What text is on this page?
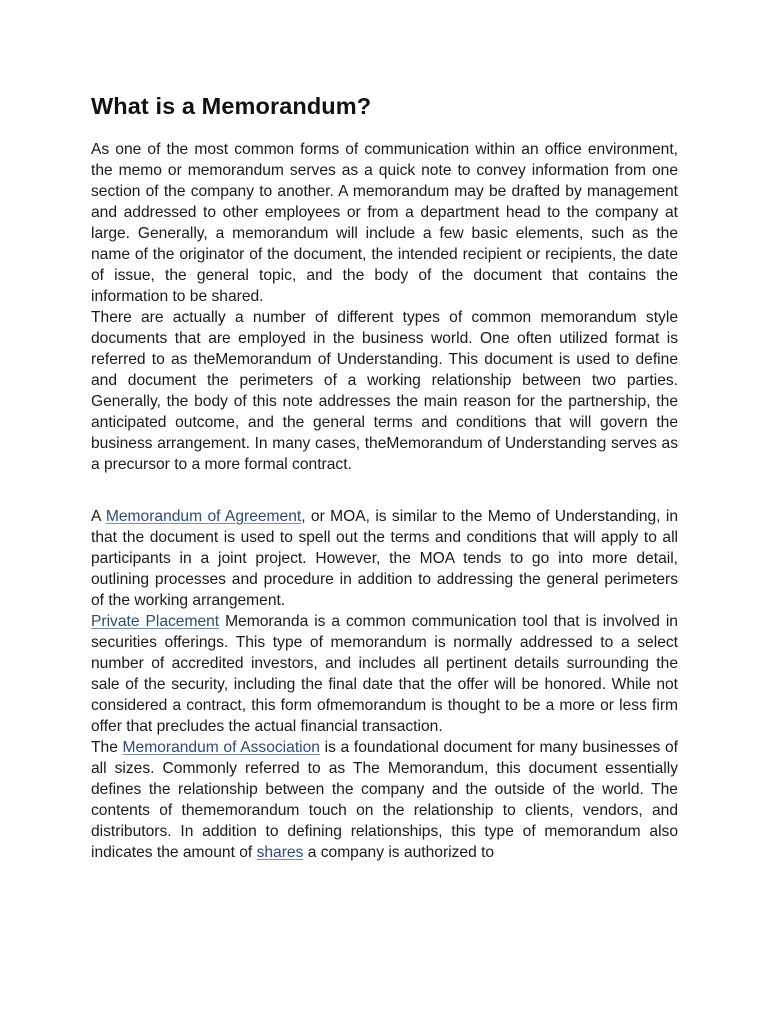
What is a Memorandum?

As one of the most common forms of communication within an office environment, the memo or memorandum serves as a quick note to convey information from one section of the company to another. A memorandum may be drafted by management and addressed to other employees or from a department head to the company at large. Generally, a memorandum will include a few basic elements, such as the name of the originator of the document, the intended recipient or recipients, the date of issue, the general topic, and the body of the document that contains the information to be shared.

There are actually a number of different types of common memorandum style documents that are employed in the business world. One often utilized format is referred to as theMemorandum of Understanding. This document is used to define and document the perimeters of a working relationship between two parties. Generally, the body of this note addresses the main reason for the partnership, the anticipated outcome, and the general terms and conditions that will govern the business arrangement. In many cases, theMemorandum of Understanding serves as a precursor to a more formal contract.

A Memorandum of Agreement, or MOA, is similar to the Memo of Understanding, in that the document is used to spell out the terms and conditions that will apply to all participants in a joint project. However, the MOA tends to go into more detail, outlining processes and procedure in addition to addressing the general perimeters of the working arrangement.

Private Placement Memoranda is a common communication tool that is involved in securities offerings. This type of memorandum is normally addressed to a select number of accredited investors, and includes all pertinent details surrounding the sale of the security, including the final date that the offer will be honored. While not considered a contract, this form ofmemorandum is thought to be a more or less firm offer that precludes the actual financial transaction.

The Memorandum of Association is a foundational document for many businesses of all sizes. Commonly referred to as The Memorandum, this document essentially defines the relationship between the company and the outside of the world. The contents of thememorandum touch on the relationship to clients, vendors, and distributors. In addition to defining relationships, this type of memorandum also indicates the amount of shares a company is authorized to
